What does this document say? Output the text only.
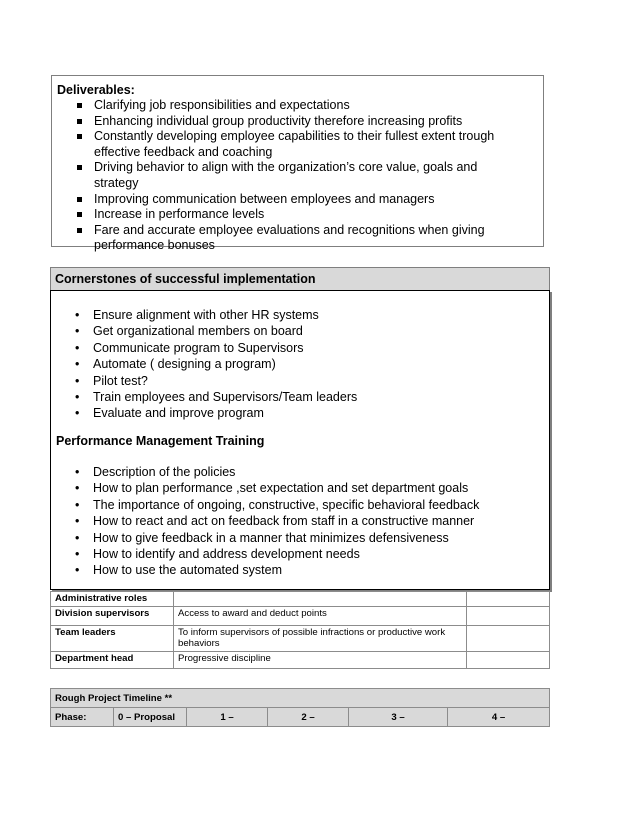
Deliverables:
Clarifying job responsibilities and expectations
Enhancing individual group productivity therefore increasing profits
Constantly developing employee capabilities to their fullest extent trough effective feedback and coaching
Driving behavior to align with the organization’s core value, goals and strategy
Improving communication between employees and managers
Increase in performance levels
Fare and accurate employee evaluations and recognitions when giving performance bonuses
Cornerstones of successful implementation
• Ensure alignment with other HR systems
• Get organizational members on board
• Communicate program to Supervisors
• Automate ( designing a program)
• Pilot test?
• Train employees and Supervisors/Team leaders
• Evaluate and improve program
Performance Management Training
• Description of the policies
• How to plan performance ,set expectation and set department goals
• The importance of ongoing, constructive, specific behavioral feedback
• How to react and act on feedback from staff in a constructive manner
• How to give feedback in a manner that minimizes defensiveness
• How to identify and address development needs
• How to use the automated system
Administrative roles		
Division supervisors	Access to award and deduct points	
Team leaders	To inform supervisors of possible infractions or productive work behaviors	
Department head	Progressive discipline	
Rough Project Timeline **
Phase:	0 – Proposal	1 –	2 –	3 –	4 –
